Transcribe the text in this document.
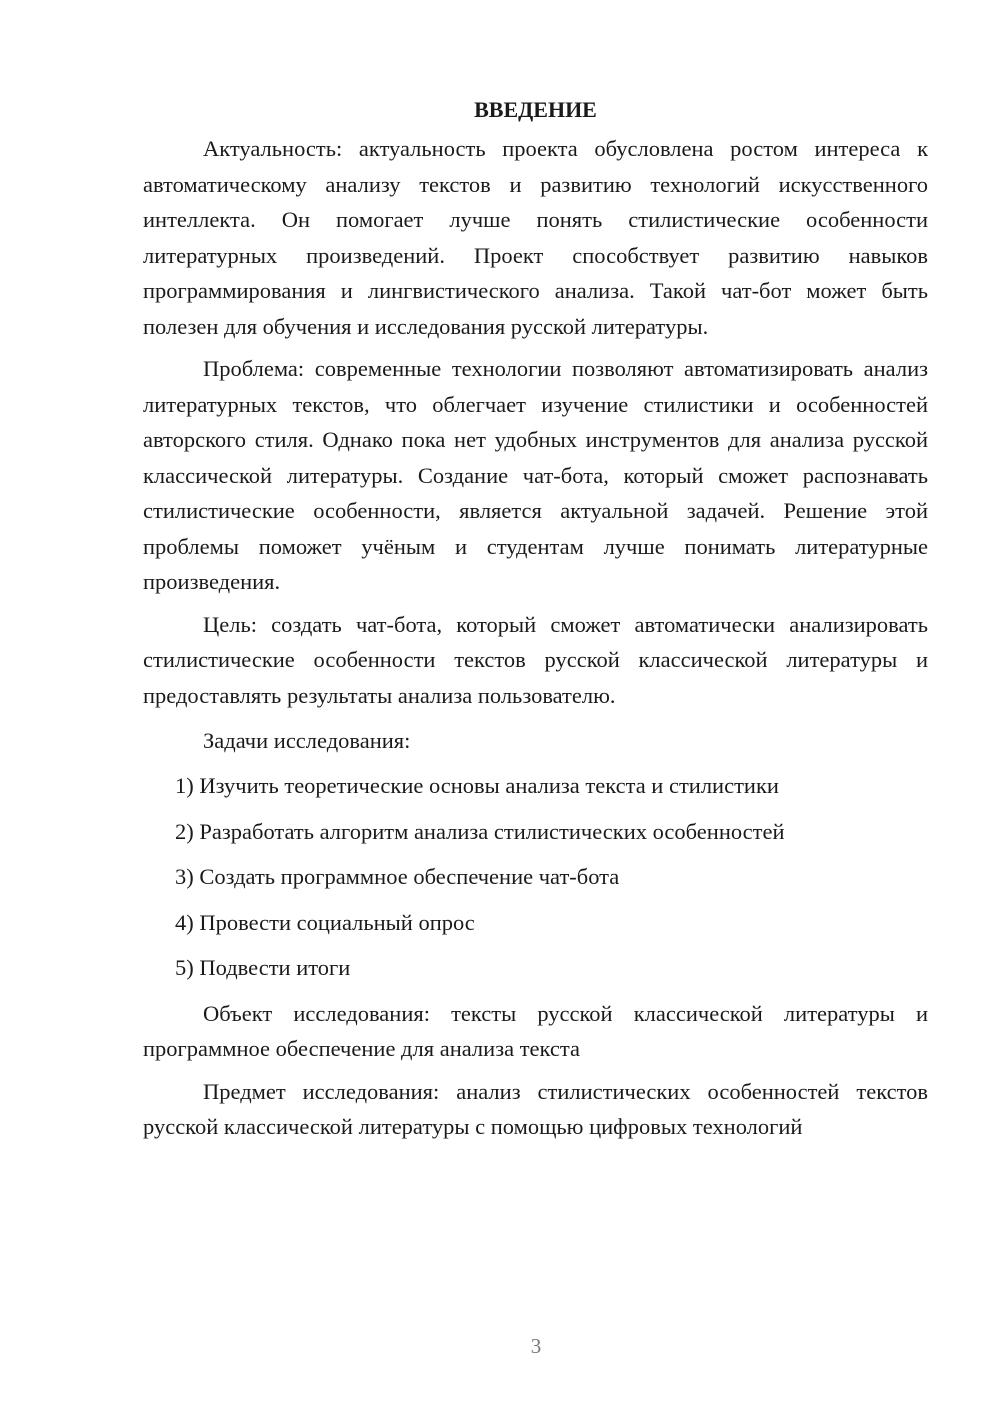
ВВЕДЕНИЕ

Актуальность: актуальность проекта обусловлена ростом интереса к автоматическому анализу текстов и развитию технологий искусственного интеллекта. Он помогает лучше понять стилистические особенности литературных произведений. Проект способствует развитию навыков программирования и лингвистического анализа. Такой чат-бот может быть полезен для обучения и исследования русской литературы.

Проблема: современные технологии позволяют автоматизировать анализ литературных текстов, что облегчает изучение стилистики и особенностей авторского стиля. Однако пока нет удобных инструментов для анализа русской классической литературы. Создание чат-бота, который сможет распознавать стилистические особенности, является актуальной задачей. Решение этой проблемы поможет учёным и студентам лучше понимать литературные произведения.

Цель: создать чат-бота, который сможет автоматически анализировать стилистические особенности текстов русской классической литературы и предоставлять результаты анализа пользователю.

Задачи исследования:
1) Изучить теоретические основы анализа текста и стилистики
2) Разработать алгоритм анализа стилистических особенностей
3) Создать программное обеспечение чат-бота
4) Провести социальный опрос
5) Подвести итоги

Объект исследования: тексты русской классической литературы и программное обеспечение для анализа текста

Предмет исследования: анализ стилистических особенностей текстов русской классической литературы с помощью цифровых технологий

3
